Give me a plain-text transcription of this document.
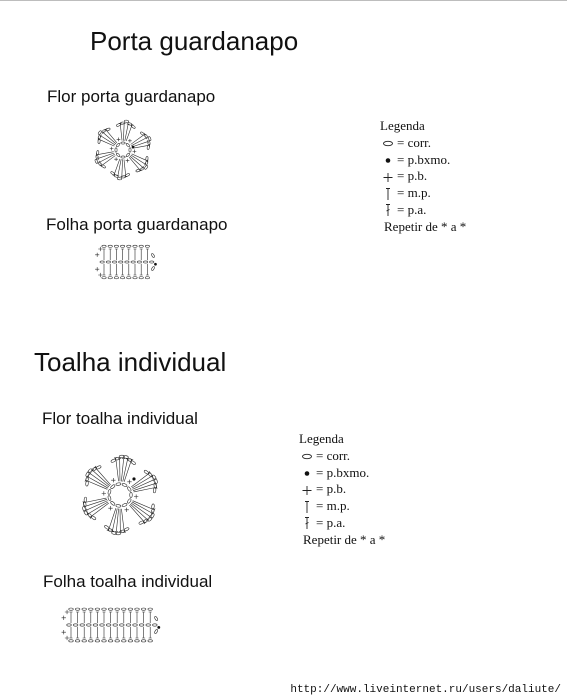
Porta guardanapo
Flor porta guardanapo
Folha porta guardanapo
Legenda
= corr.
= p.bxmo.
= p.b.
= m.p.
= p.a.
Repetir de * a *
Toalha individual
Flor toalha individual
Legenda
= corr.
= p.bxmo.
= p.b.
= m.p.
= p.a.
Repetir de * a *
Folha toalha individual
http://www.liveinternet.ru/users/daliute/
